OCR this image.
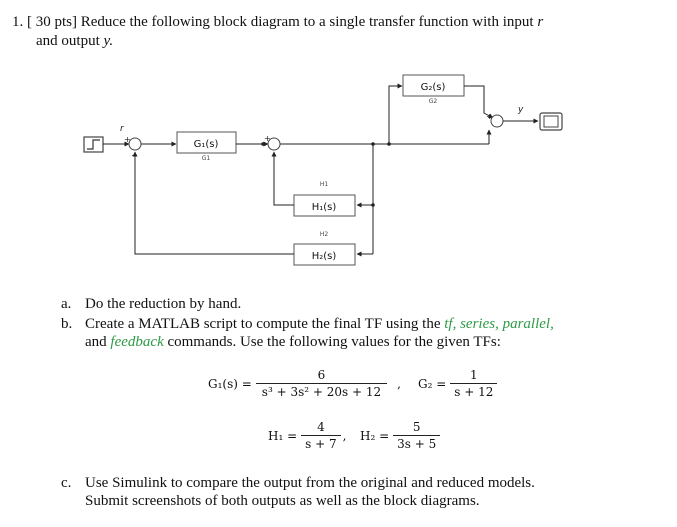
1. [ 30 pts] Reduce the following block diagram to a single transfer function with input r
and output y.
r
+
−
G₁(s)
G1
+
H₁(s)
H1
H₂(s)
H2
G₂(s)
G2
+
y
a. Do the reduction by hand.
b. Create a MATLAB script to compute the final TF using the tf, series, parallel,
and feedback commands. Use the following values for the given TFs:
$G_1(s) = \frac{6}{\text{s³ + 3s² + 20s + 12}}$ , $G_2 = \frac{1}{s + 12}$
$H_1 = \frac{4}{s + 7}$ , $H_2 = \frac{5}{3s + 5}$
c. Use Simulink to compare the output from the original and reduced models.
Submit screenshots of both outputs as well as the block diagrams.
